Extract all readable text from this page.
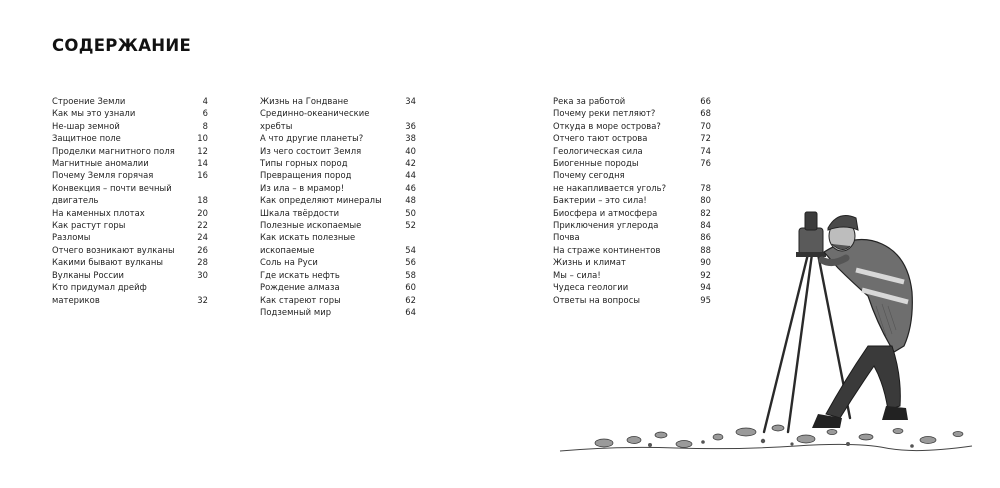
СОДЕРЖАНИЕ
Строение Земли	4
Как мы это узнали	6
Не-шар земной	8
Защитное поле	10
Проделки магнитного поля	12
Магнитные аномалии	14
Почему Земля горячая	16
Конвекция – почти вечный
двигатель	18
На каменных плотах	20
Как растут горы	22
Разломы	24
Отчего возникают вулканы	26
Какими бывают вулканы	28
Вулканы России	30
Кто придумал дрейф
материков	32
Жизнь на Гондване	34
Срединно-океанические
хребты	36
А что другие планеты?	38
Из чего состоит Земля	40
Типы горных пород	42
Превращения пород	44
Из ила – в мрамор!	46
Как определяют минералы	48
Шкала твёрдости	50
Полезные ископаемые	52
Как искать полезные
ископаемые	54
Соль на Руси	56
Где искать нефть	58
Рождение алмаза	60
Как стареют горы	62
Подземный мир	64
Река за работой	66
Почему реки петляют?	68
Откуда в море острова?	70
Отчего тают острова	72
Геологическая сила	74
Биогенные породы	76
Почему сегодня
не накапливается уголь?	78
Бактерии – это сила!	80
Биосфера и атмосфера	82
Приключения углерода	84
Почва	86
На страже континентов	88
Жизнь и климат	90
Мы – сила!	92
Чудеса геологии	94
Ответы на вопросы	95
